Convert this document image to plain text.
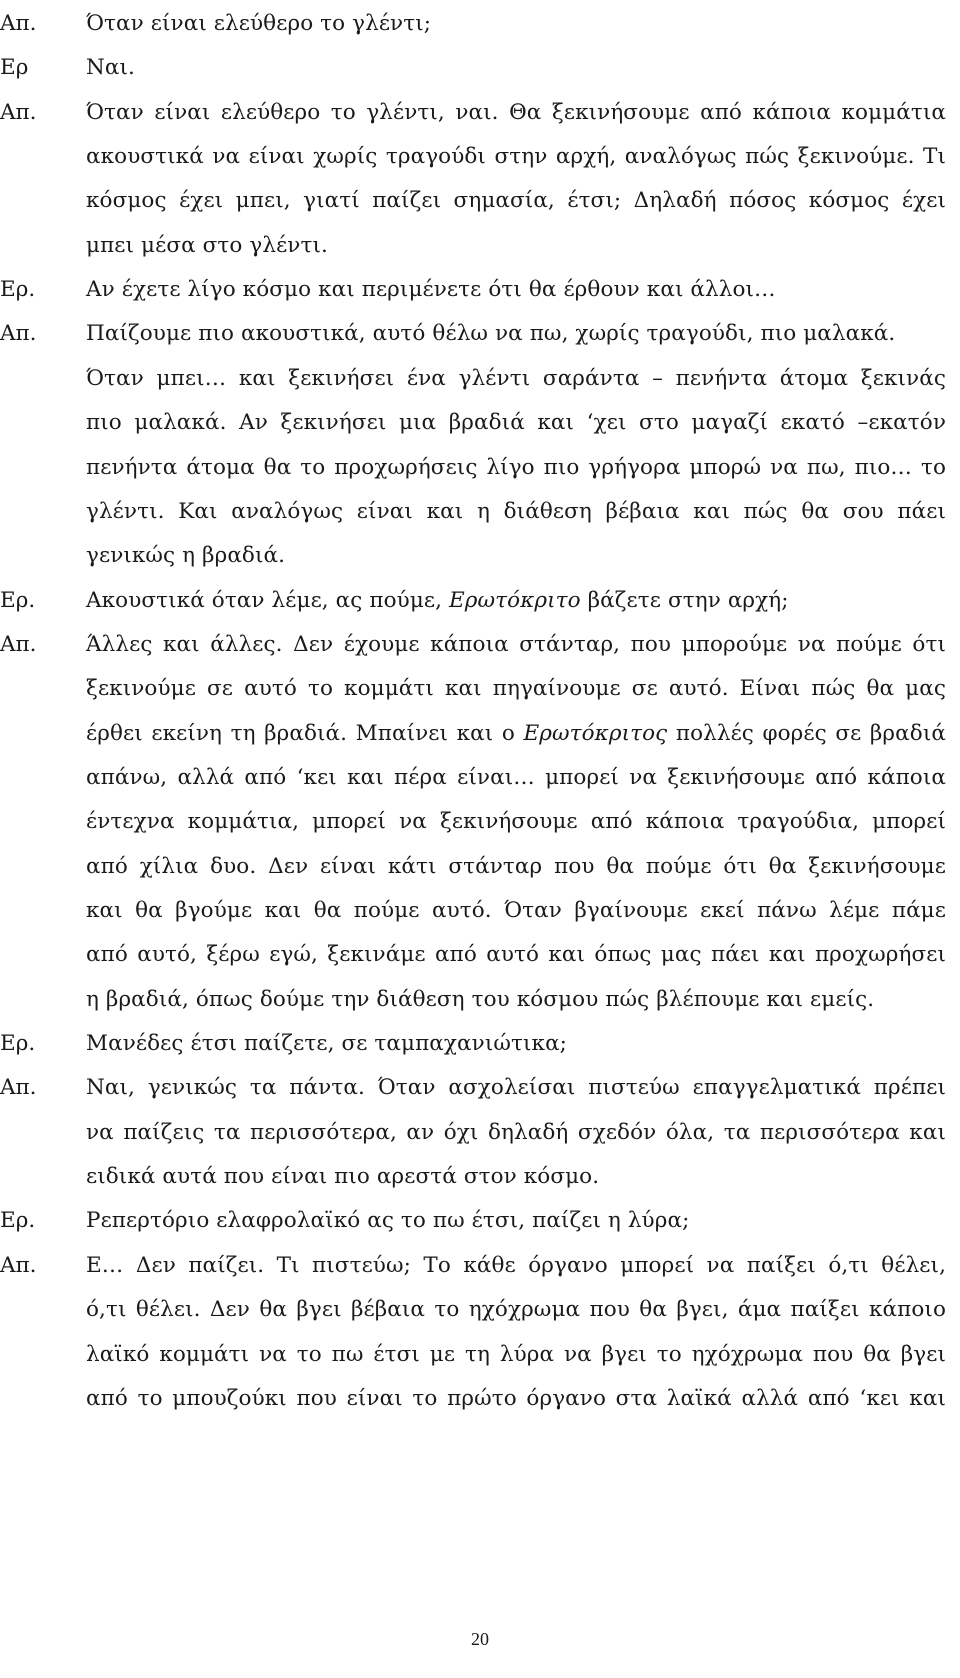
Απ.	Όταν είναι ελεύθερο το γλέντι;
Ερ	Ναι.
Απ.	Όταν είναι ελεύθερο το γλέντι, ναι. Θα ξεκινήσουμε από κάποια κομμάτια
ακουστικά να είναι χωρίς τραγούδι στην αρχή, αναλόγως πώς ξεκινούμε. Τι
κόσμος έχει μπει, γιατί παίζει σημασία, έτσι; Δηλαδή πόσος κόσμος έχει
μπει μέσα στο γλέντι.
Ερ.	Αν έχετε λίγο κόσμο και περιμένετε ότι θα έρθουν και άλλοι…
Απ.	Παίζουμε πιο ακουστικά, αυτό θέλω να πω, χωρίς τραγούδι, πιο μαλακά.
Όταν μπει… και ξεκινήσει ένα γλέντι σαράντα – πενήντα άτομα ξεκινάς
πιο μαλακά. Αν ξεκινήσει μια βραδιά και ‘χει στο μαγαζί εκατό –εκατόν
πενήντα άτομα θα το προχωρήσεις λίγο πιο γρήγορα μπορώ να πω, πιο… το
γλέντι. Και αναλόγως είναι και η διάθεση βέβαια και πώς θα σου πάει
γενικώς η βραδιά.
Ερ.	Ακουστικά όταν λέμε, ας πούμε, Ερωτόκριτο βάζετε στην αρχή;
Απ.	Άλλες και άλλες. Δεν έχουμε κάποια στάνταρ, που μπορούμε να πούμε ότι
ξεκινούμε σε αυτό το κομμάτι και πηγαίνουμε σε αυτό. Είναι πώς θα μας
έρθει εκείνη τη βραδιά. Μπαίνει και ο Ερωτόκριτος πολλές φορές σε βραδιά
απάνω, αλλά από ‘κει και πέρα είναι… μπορεί να ξεκινήσουμε από κάποια
έντεχνα κομμάτια, μπορεί να ξεκινήσουμε από κάποια τραγούδια, μπορεί
από χίλια δυο. Δεν είναι κάτι στάνταρ που θα πούμε ότι θα ξεκινήσουμε
και θα βγούμε και θα πούμε αυτό. Όταν βγαίνουμε εκεί πάνω λέμε πάμε
από αυτό, ξέρω εγώ, ξεκινάμε από αυτό και όπως μας πάει και προχωρήσει
η βραδιά, όπως δούμε την διάθεση του κόσμου πώς βλέπουμε και εμείς.
Ερ.	Μανέδες έτσι παίζετε, σε ταμπαχανιώτικα;
Απ.	Ναι, γενικώς τα πάντα. Όταν ασχολείσαι πιστεύω επαγγελματικά πρέπει
να παίζεις τα περισσότερα, αν όχι δηλαδή σχεδόν όλα, τα περισσότερα και
ειδικά αυτά που είναι πιο αρεστά στον κόσμο.
Ερ.	Ρεπερτόριο ελαφρολαϊκό ας το πω έτσι, παίζει η λύρα;
Απ.	Ε… Δεν παίζει. Τι πιστεύω; Το κάθε όργανο μπορεί να παίξει ό,τι θέλει,
ό,τι θέλει. Δεν θα βγει βέβαια το ηχόχρωμα που θα βγει, άμα παίξει κάποιο
λαϊκό κομμάτι να το πω έτσι με τη λύρα να βγει το ηχόχρωμα που θα βγει
από το μπουζούκι που είναι το πρώτο όργανο στα λαϊκά αλλά από ‘κει και
20
